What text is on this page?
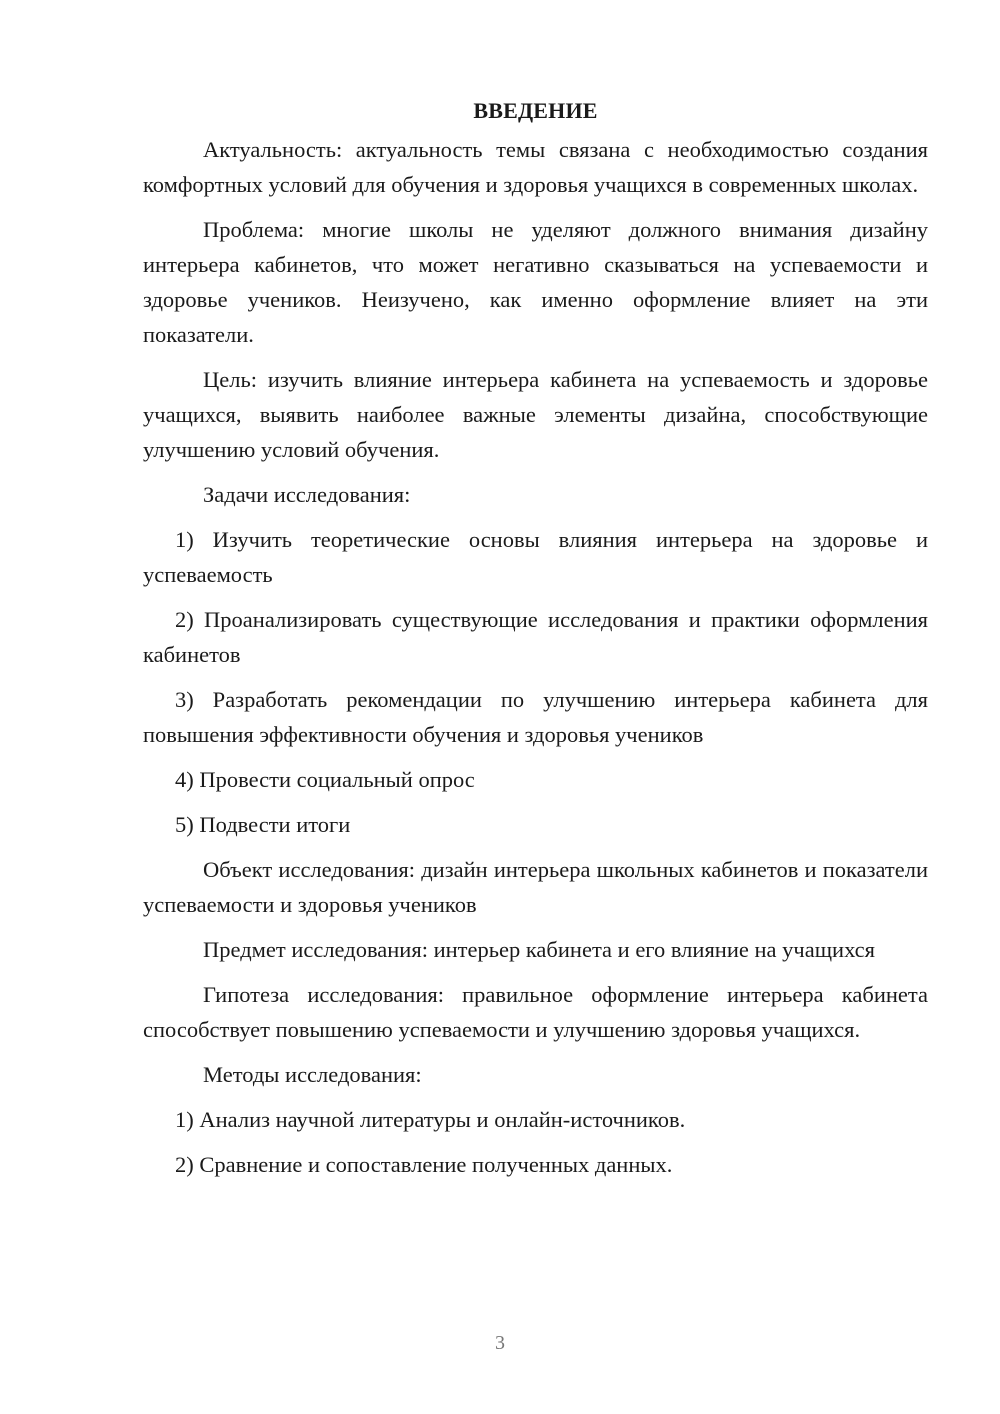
ВВЕДЕНИЕ

Актуальность: актуальность темы связана с необходимостью создания комфортных условий для обучения и здоровья учащихся в современных школах.

Проблема: многие школы не уделяют должного внимания дизайну интерьера кабинетов, что может негативно сказываться на успеваемости и здоровье учеников. Неизучено, как именно оформление влияет на эти показатели.

Цель: изучить влияние интерьера кабинета на успеваемость и здоровье учащихся, выявить наиболее важные элементы дизайна, способствующие улучшению условий обучения.

Задачи исследования:

1) Изучить теоретические основы влияния интерьера на здоровье и успеваемость

2) Проанализировать существующие исследования и практики оформления кабинетов

3) Разработать рекомендации по улучшению интерьера кабинета для повышения эффективности обучения и здоровья учеников

4) Провести социальный опрос

5) Подвести итоги

Объект исследования: дизайн интерьера школьных кабинетов и показатели успеваемости и здоровья учеников

Предмет исследования: интерьер кабинета и его влияние на учащихся

Гипотеза исследования: правильное оформление интерьера кабинета способствует повышению успеваемости и улучшению здоровья учащихся.

Методы исследования:

1) Анализ научной литературы и онлайн-источников.

2) Сравнение и сопоставление полученных данных.

3
